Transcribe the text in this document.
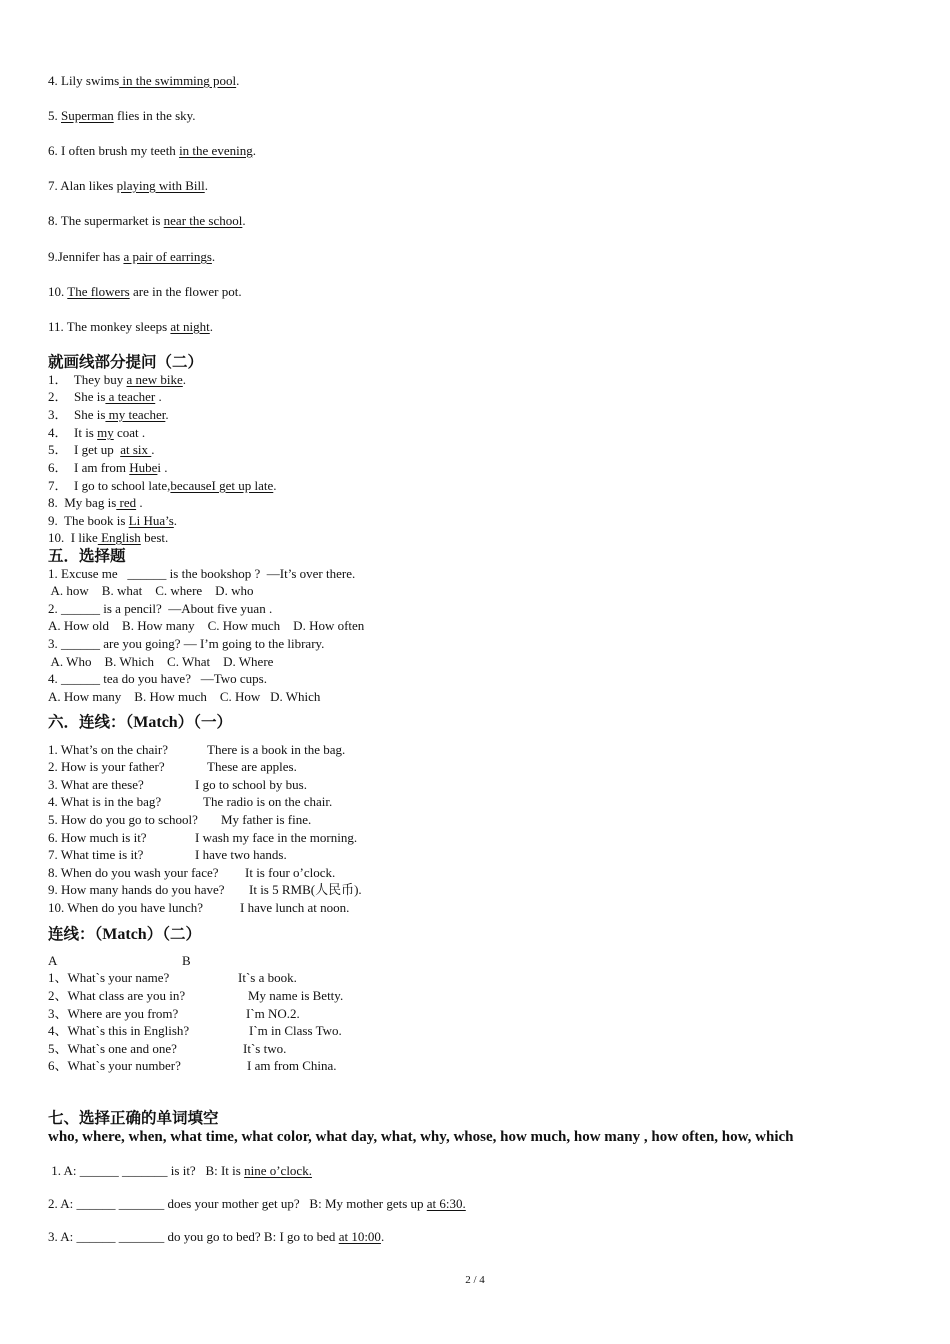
4. Lily swims in the swimming pool.
5. Superman flies in the sky.
6. I often brush my teeth in the evening.
7. Alan likes playing with Bill.
8. The supermarket is near the school.
9.Jennifer has a pair of earrings.
10. The flowers are in the flower pot.
11. The monkey sleeps at night.
就画线部分提问（二）
1．  They buy a new bike.
2．  She is a teacher .
3．  She is my teacher.
4．  It is my coat .
5．  I get up  at six .
6．  I am from Hubei .
7．  I go to school late,becauseI get up late.
8.  My bag is red .
9.  The book is Li Hua’s.
10.  I like English best.
五．选择题
1. Excuse me   ______ is the bookshop ?  —It’s over there.
A. how    B. what    C. where    D. who
2. ______ is a pencil?  —About five yuan .
A. How old    B. How many    C. How much    D. How often
3. ______ are you going? — I’m going to the library.
A. Who    B. Which    C. What    D. Where
4. ______ tea do you have?   —Two cups.
A. How many    B. How much    C. How   D. Which
六．连线：（Match）（一）
1. What’s on the chair?	There is a book in the bag.
2. How is your father?	These are apples.
3. What are these?	I go to school by bus.
4. What is in the bag?	The radio is on the chair.
5. How do you go to school? My father is fine.
6. How much is it?	I wash my face in the morning.
7. What time is it?	I have two hands.
8. When do you wash your face? It is four o’clock.
9. How many hands do you have? It is 5 RMB(人民币).
10. When do you have lunch?	I have lunch at noon.
连线：（Match）（二）
A	B
1、What`s your name?	It`s a book.
2、What class are you in?	My name is Betty.
3、Where are you from?	I`m NO.2.
4、What`s this in English?	I`m in Class Two.
5、What`s one and one?	It`s two.
6、What`s your number?	I am from China.
七、选择正确的单词填空
who, where, when, what time, what color, what day, what, why, whose, how much, how many , how often, how, which
1. A: ______ _______ is it?   B: It is nine o’clock.
2. A: ______ _______ does your mother get up?   B: My mother gets up at 6:30.
3. A: ______ _______ do you go to bed? B: I go to bed at 10:00.
2 / 4
